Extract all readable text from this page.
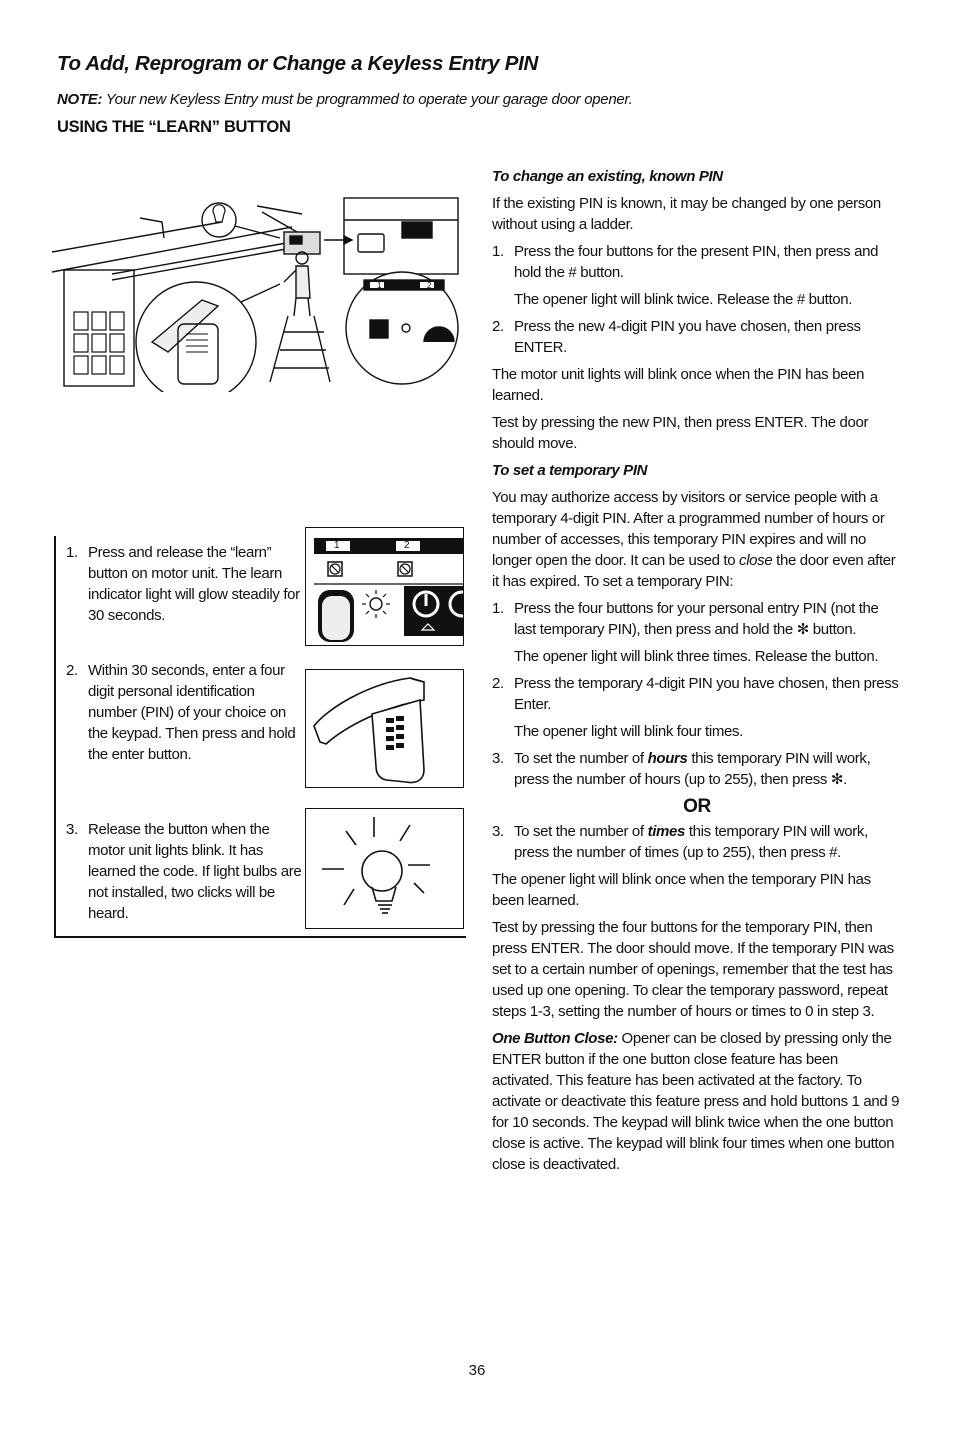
To Add, Reprogram or Change a Keyless Entry PIN
NOTE: Your new Keyless Entry must be programmed to operate your garage door opener.
USING THE “LEARN” BUTTON
1	2
1. Press and release the “learn” button on motor unit. The learn indicator light will glow steadily for 30 seconds.
2. Within 30 seconds, enter a four digit personal identification number (PIN) of your choice on the keypad. Then press and hold the enter button.
3. Release the button when the motor unit lights blink. It has learned the code. If light bulbs are not installed, two clicks will be heard.
1	2

To change an existing, known PIN

If the existing PIN is known, it may be changed by one person without using a ladder.

1. Press the four buttons for the present PIN, then press and hold the # button.

The opener light will blink twice. Release the # button.

2. Press the new 4-digit PIN you have chosen, then press ENTER.

The motor unit lights will blink once when the PIN has been learned.

Test by pressing the new PIN, then press ENTER. The door should move.

To set a temporary PIN

You may authorize access by visitors or service people with a temporary 4-digit PIN. After a programmed number of hours or number of accesses, this temporary PIN expires and will no longer open the door. It can be used to close the door even after it has expired. To set a temporary PIN:

1. Press the four buttons for your personal entry PIN (not the last temporary PIN), then press and hold the ✻ button.

The opener light will blink three times. Release the button.

2. Press the temporary 4-digit PIN you have chosen, then press Enter.

The opener light will blink four times.

3. To set the number of hours this temporary PIN will work, press the number of hours (up to 255), then press ✻.
OR
3. To set the number of times this temporary PIN will work, press the number of times (up to 255), then press #.

The opener light will blink once when the temporary PIN has been learned.

Test by pressing the four buttons for the temporary PIN, then press ENTER. The door should move. If the temporary PIN was set to a certain number of openings, remember that the test has used up one opening. To clear the temporary password, repeat steps 1-3, setting the number of hours or times to 0 in step 3.

One Button Close: Opener can be closed by pressing only the ENTER button if the one button close feature has been activated. This feature has been activated at the factory. To activate or deactivate this feature press and hold buttons 1 and 9 for 10 seconds. The keypad will blink twice when the one button close is active. The keypad will blink four times when one button close is deactivated.

36
